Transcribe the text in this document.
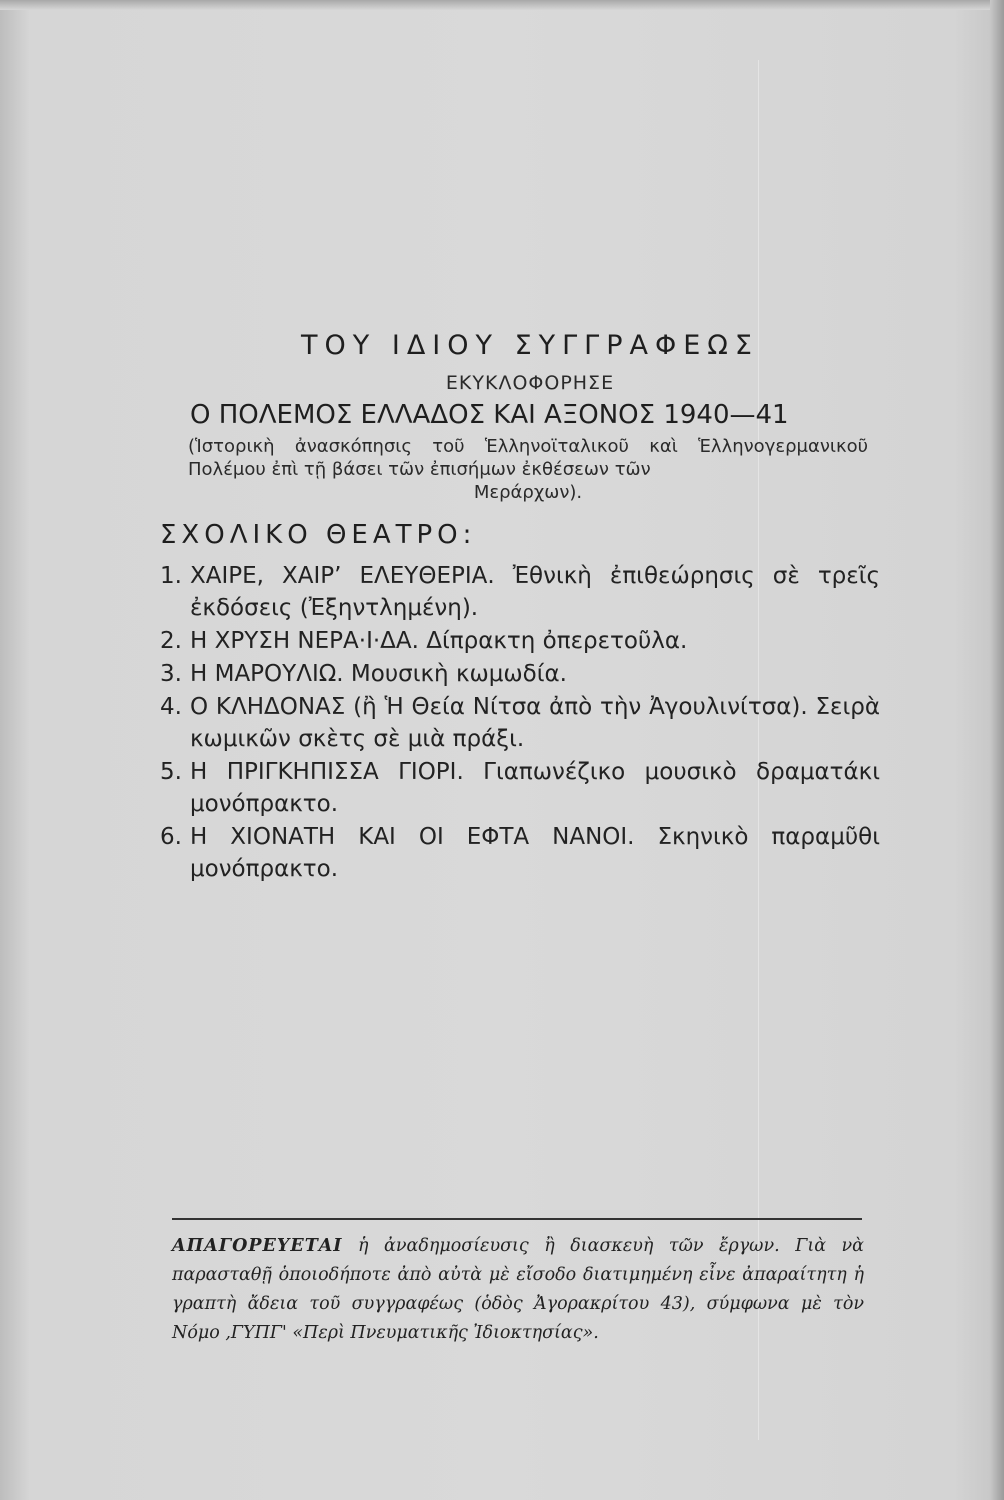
ΤΟΥ ΙΔΙΟΥ ΣΥΓΓΡΑΦΕΩΣ
ΕΚΥΚΛΟΦΟΡΗΣΕ
Ο ΠΟΛΕΜΟΣ ΕΛΛΑΔΟΣ ΚΑΙ ΑΞΟΝΟΣ 1940—41
(Ἱστορικὴ ἀνασκόπησις τοῦ Ἑλληνοϊταλικοῦ καὶ Ἑλληνογερμανικοῦ Πολέμου ἐπὶ τῇ βάσει τῶν ἐπισήμων ἐκθέσεων τῶν
Μεράρχων).
ΣΧΟΛΙΚΟ ΘΕΑΤΡΟ:
1. ΧΑΙΡΕ, ΧΑΙΡ’ ΕΛΕΥΘΕΡΙΑ. Ἐθνικὴ ἐπιθεώρησις σὲ τρεῖς ἐκδόσεις (Ἐξηντλημένη).
2. Η ΧΡΥΣΗ ΝΕΡΑ·Ι·ΔΑ. Δίπρακτη ὀπερετοῦλα.
3. Η ΜΑΡΟΥΛΙΩ. Μουσικὴ κωμωδία.
4. Ο ΚΛΗΔΟΝΑΣ (ἢ Ἡ Θεία Νίτσα ἀπὸ τὴν Ἀγουλινίτσα). Σειρὰ κωμικῶν σκὲτς σὲ μιὰ πράξι.
5. Η ΠΡΙΓΚΗΠΙΣΣΑ ΓΙΟΡΙ. Γιαπωνέζικο μουσικὸ δραματάκι μονόπρακτο.
6. Η ΧΙΟΝΑΤΗ ΚΑΙ ΟΙ ΕΦΤΑ ΝΑΝΟΙ. Σκηνικὸ παραμῦθι μονόπρακτο.
ΑΠΑΓΟΡΕΥΕΤΑΙ ἡ ἀναδημοσίευσις ἢ διασκευὴ τῶν ἔργων. Γιὰ νὰ παρασταθῇ ὁποιοδήποτε ἀπὸ αὐτὰ μὲ εἴσοδο διατιμημένη εἶνε ἀπαραίτητη ἡ γραπτὴ ἄδεια τοῦ συγγραφέως (ὁδὸς Ἀγορακρίτου 43), σύμφωνα μὲ τὸν Νόμο ,ΓΥΠΓ' «Περὶ Πνευματικῆς Ἰδιοκτησίας».
